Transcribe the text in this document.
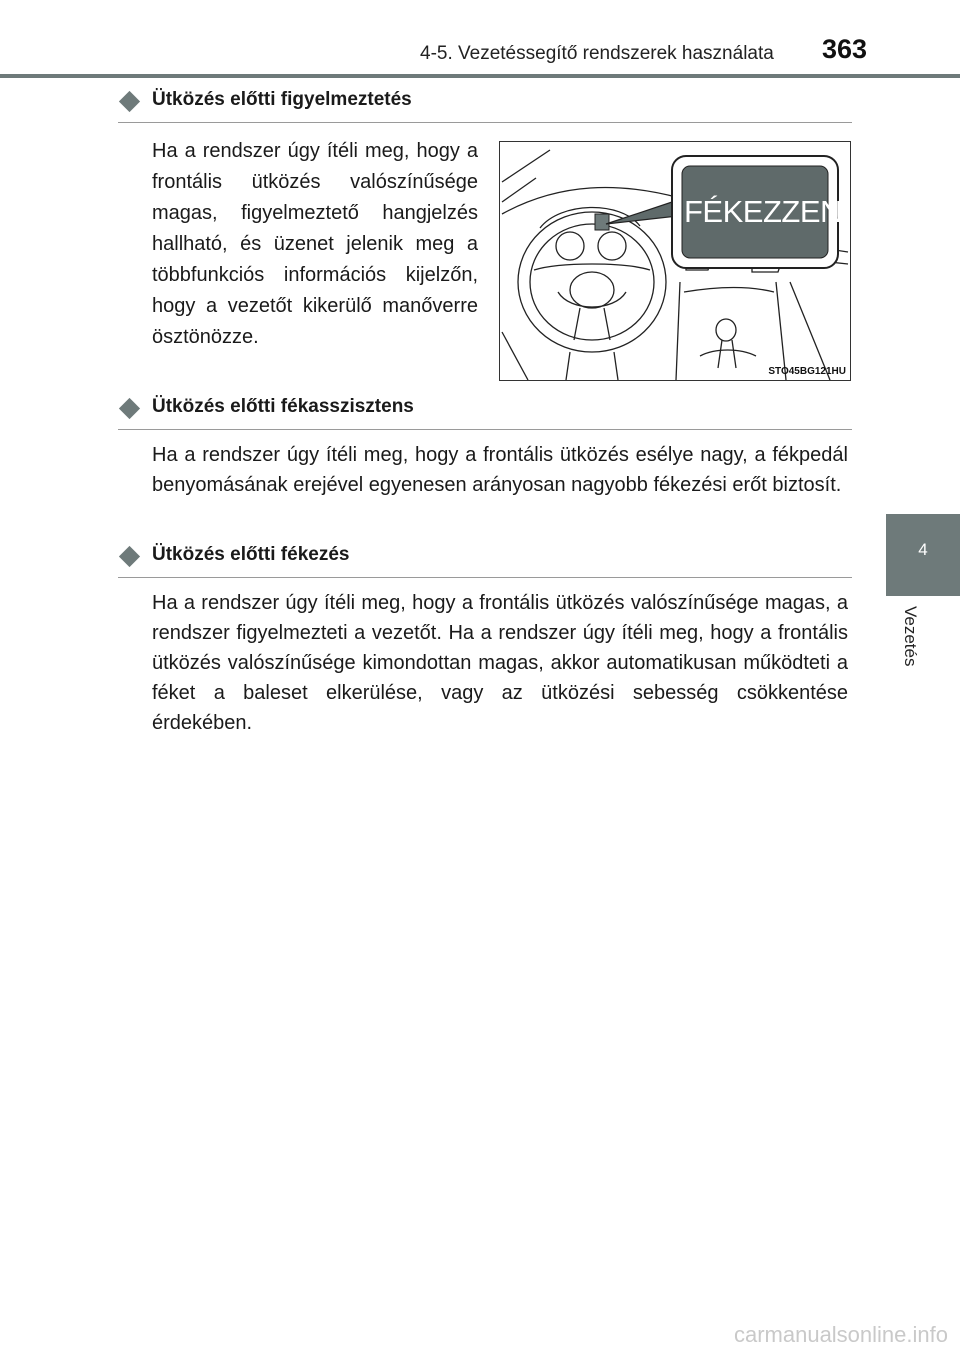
4-5. Vezetéssegítő rendszerek használata 363
4
Vezetés
Ütközés előtti figyelmeztetés
Ha a rendszer úgy ítéli meg, hogy a frontális ütközés valószínűsége magas, figyelmeztető hangjelzés hallható, és üzenet jelenik meg a többfunkciós információs kijelzőn, hogy a vezetőt kikerülő manőverre ösztönözze.
FÉKEZZEN!
STO45BG121HU
Ütközés előtti fékasszisztens
Ha a rendszer úgy ítéli meg, hogy a frontális ütközés esélye nagy, a fékpedál benyomásának erejével egyenesen arányosan nagyobb fékezési erőt biztosít.
Ütközés előtti fékezés
Ha a rendszer úgy ítéli meg, hogy a frontális ütközés valószínűsége magas, a rendszer figyelmezteti a vezetőt. Ha a rendszer úgy ítéli meg, hogy a frontális ütközés valószínűsége kimondottan magas, akkor automatikusan működteti a féket a baleset elkerülése, vagy az ütközési sebesség csökkentése érdekében.
carmanualsonline.info
